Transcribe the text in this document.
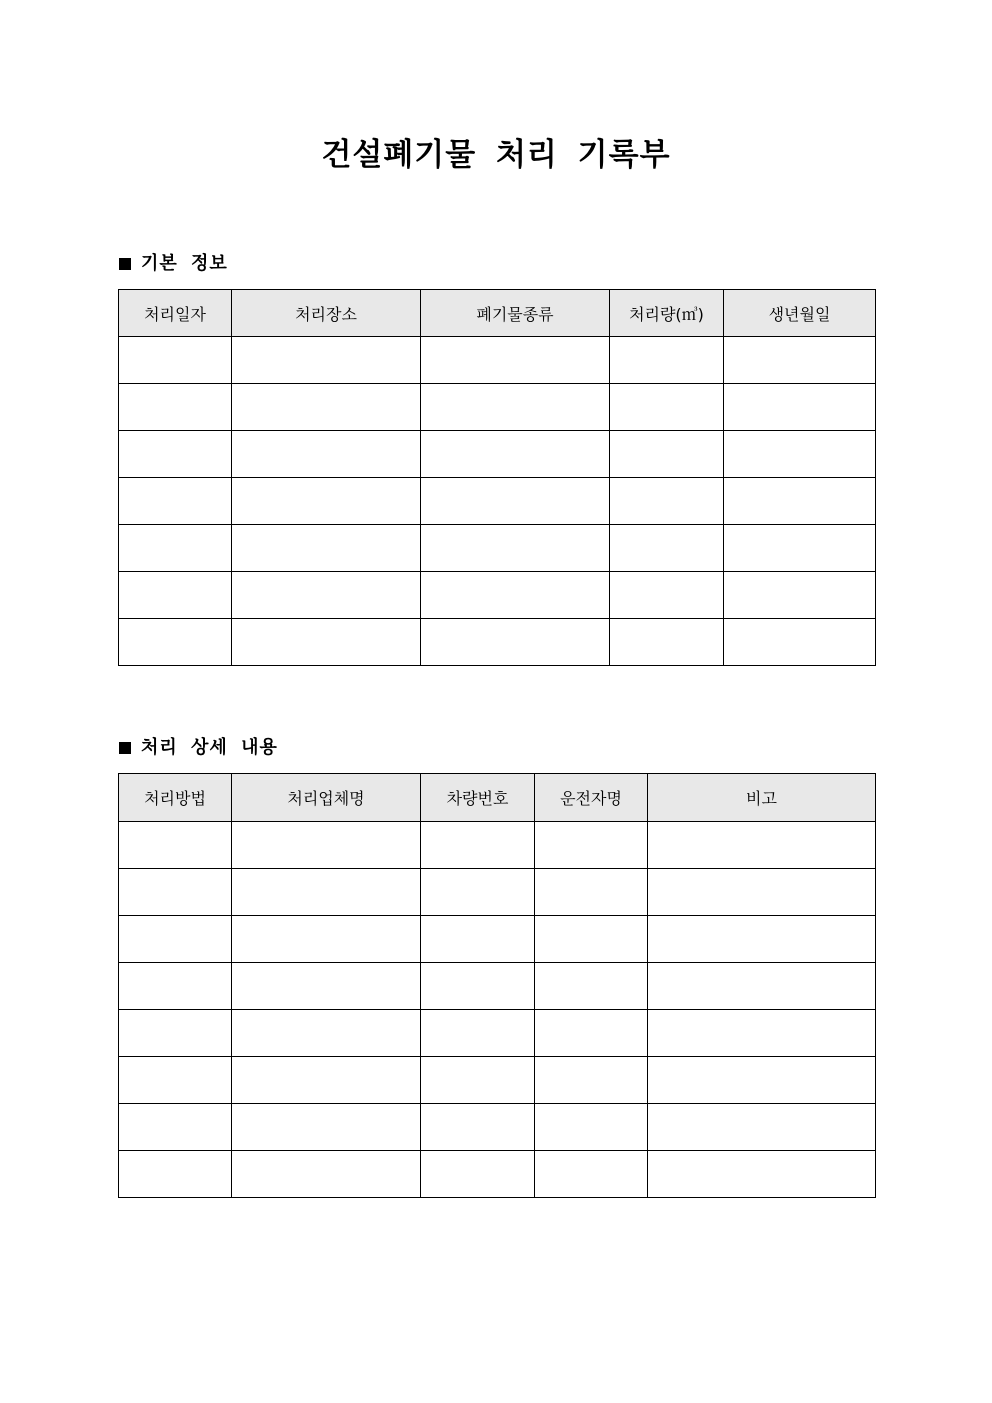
건설폐기물 처리 기록부
기본 정보
처리일자	처리장소	폐기물종류	처리량(㎥)	생년월일

처리 상세 내용
처리방법	처리업체명	차량번호	운전자명	비고
